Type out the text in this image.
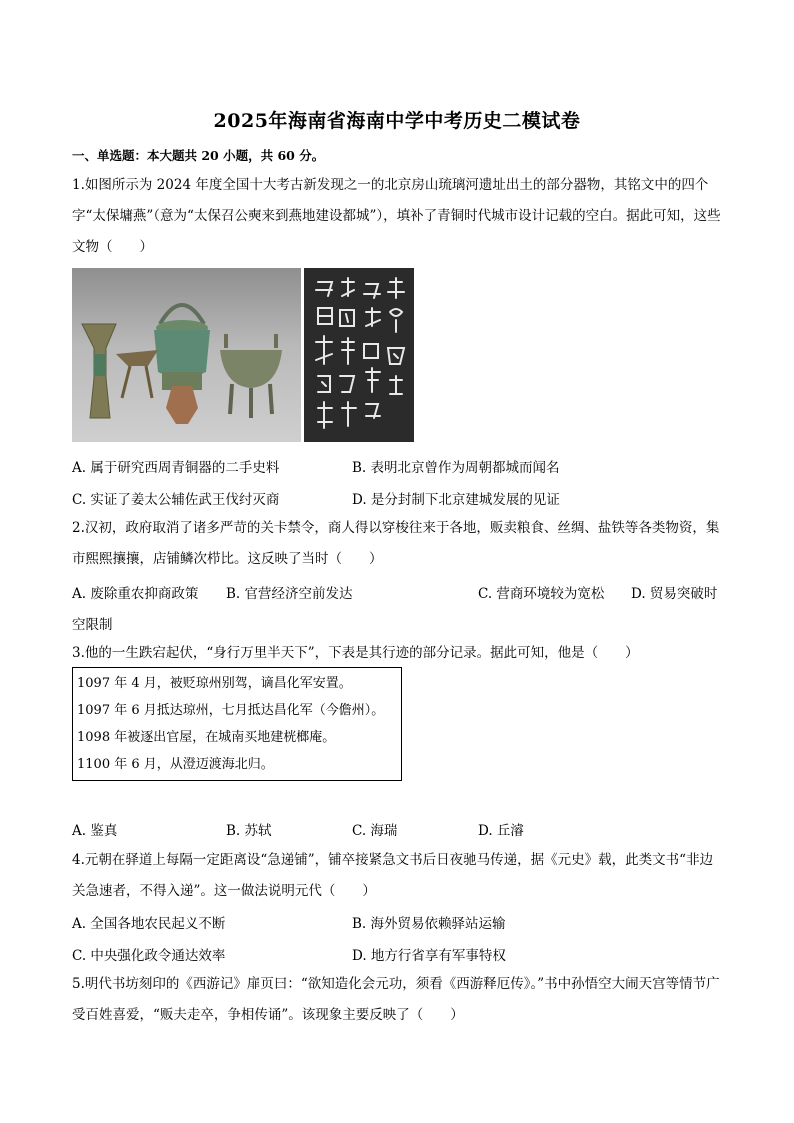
2025年海南省海南中学中考历史二模试卷
一、单选题：本大题共 20 小题，共 60 分。
1.如图所示为 2024 年度全国十大考古新发现之一的北京房山琉璃河遗址出土的部分器物，其铭文中的四个字“太保墉燕”（意为“太保召公奭来到燕地建设都城”），填补了青铜时代城市设计记载的空白。据此可知，这些文物（　　）
A. 属于研究西周青铜器的二手史料	B. 表明北京曾作为周朝都城而闻名
C. 实证了姜太公辅佐武王伐纣灭商	D. 是分封制下北京建城发展的见证
2.汉初，政府取消了诸多严苛的关卡禁令，商人得以穿梭往来于各地，贩卖粮食、丝绸、盐铁等各类物资，集市熙熙攘攘，店铺鳞次栉比。这反映了当时（　　）
A. 废除重农抑商政策 B. 官营经济空前发达	C. 营商环境较为宽松 D. 贸易突破时
空限制
3.他的一生跌宕起伏，“身行万里半天下”，下表是其行迹的部分记录。据此可知，他是（　　）
1097 年 4 月，被贬琼州别驾，谪昌化军安置。
1097 年 6 月抵达琼州，七月抵达昌化军（今儋州）。
1098 年被逐出官屋，在城南买地建桄榔庵。
1100 年 6 月，从澄迈渡海北归。
A. 鉴真	B. 苏轼	C. 海瑞	D. 丘濬
4.元朝在驿道上每隔一定距离设“急递铺”，铺卒接紧急文书后日夜驰马传递，据《元史》载，此类文书“非边关急速者，不得入递”。这一做法说明元代（　　）
A. 全国各地农民起义不断	B. 海外贸易依赖驿站运输
C. 中央强化政令通达效率	D. 地方行省享有军事特权
5.明代书坊刻印的《西游记》扉页曰：“欲知造化会元功，须看《西游释厄传》。”书中孙悟空大闹天宫等情节广受百姓喜爱，“贩夫走卒，争相传诵”。该现象主要反映了（　　）
